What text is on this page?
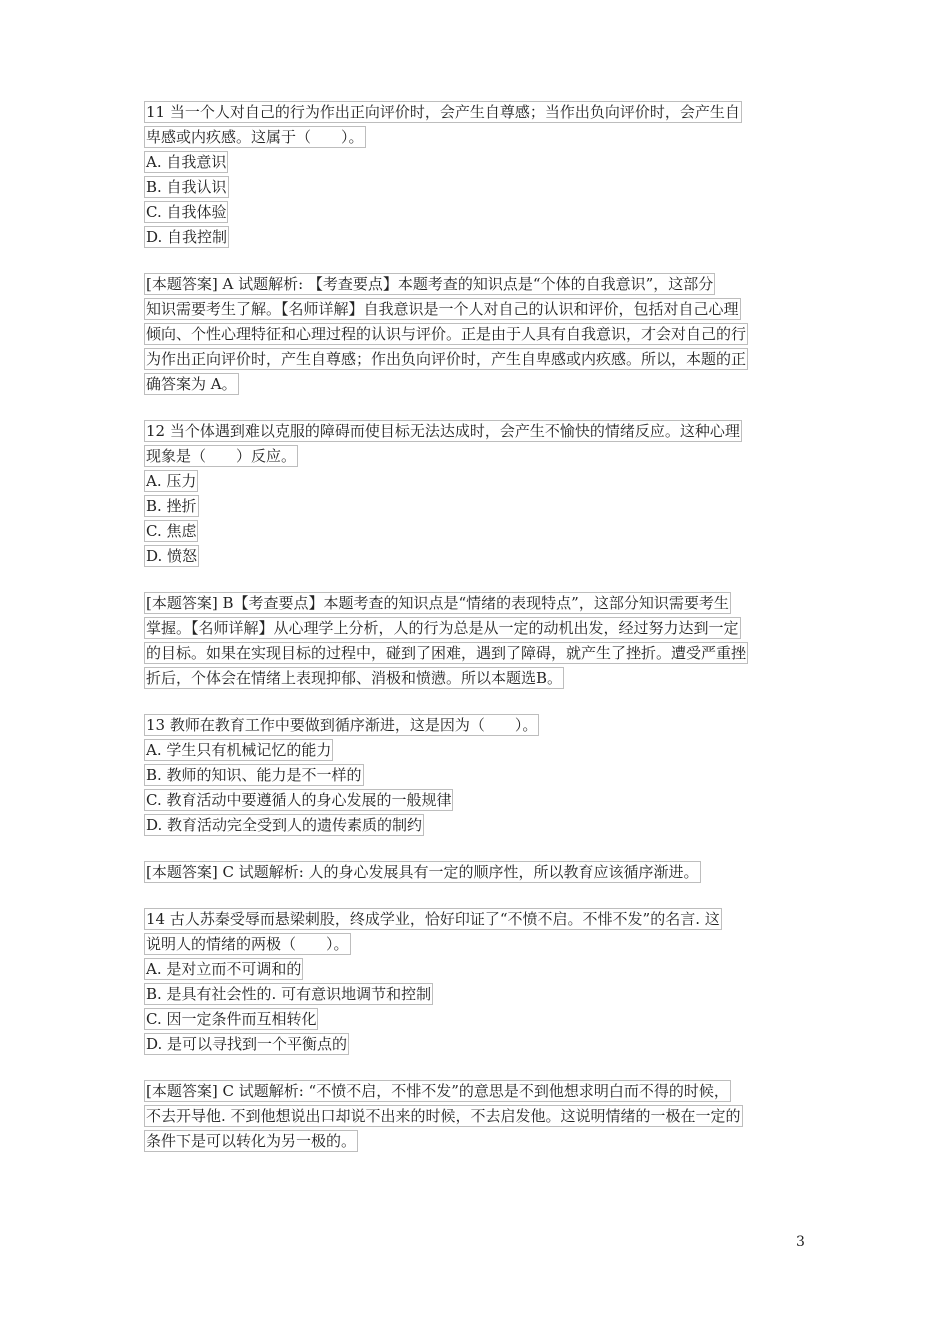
11 当一个人对自己的行为作出正向评价时，会产生自尊感；当作出负向评价时，会产生自
卑感或内疚感。这属于（　　）。
A. 自我意识
B. 自我认识
C. 自我体验
D. 自我控制
[本题答案] A 试题解析: 【考查要点】本题考查的知识点是“个体的自我意识”，这部分
知识需要考生了解。【名师详解】自我意识是一个人对自己的认识和评价，包括对自己心理
倾向、个性心理特征和心理过程的认识与评价。正是由于人具有自我意识，才会对自己的行
为作出正向评价时，产生自尊感；作出负向评价时，产生自卑感或内疚感。所以，本题的正
确答案为 A。
12 当个体遇到难以克服的障碍而使目标无法达成时，会产生不愉快的情绪反应。这种心理
现象是（　　）反应。
A. 压力
B. 挫折
C. 焦虑
D. 愤怒
[本题答案] B【考查要点】本题考查的知识点是“情绪的表现特点”，这部分知识需要考生
掌握。【名师详解】从心理学上分析，人的行为总是从一定的动机出发，经过努力达到一定
的目标。如果在实现目标的过程中，碰到了困难，遇到了障碍，就产生了挫折。遭受严重挫
折后，个体会在情绪上表现抑郁、消极和愤懑。所以本题选B。
13 教师在教育工作中要做到循序渐进，这是因为（　　）。
A. 学生只有机械记忆的能力
B. 教师的知识、能力是不一样的
C. 教育活动中要遵循人的身心发展的一般规律
D. 教育活动完全受到人的遗传素质的制约
[本题答案] C 试题解析: 人的身心发展具有一定的顺序性，所以教育应该循序渐进。
14 古人苏秦受辱而悬梁刺股，终成学业，恰好印证了“不愤不启。不悱不发”的名言. 这
说明人的情绪的两极（　　）。
A. 是对立而不可调和的
B. 是具有社会性的. 可有意识地调节和控制
C. 因一定条件而互相转化
D. 是可以寻找到一个平衡点的
[本题答案] C 试题解析: “不愤不启，不悱不发”的意思是不到他想求明白而不得的时候，
不去开导他. 不到他想说出口却说不出来的时候，不去启发他。这说明情绪的一极在一定的
条件下是可以转化为另一极的。
3
